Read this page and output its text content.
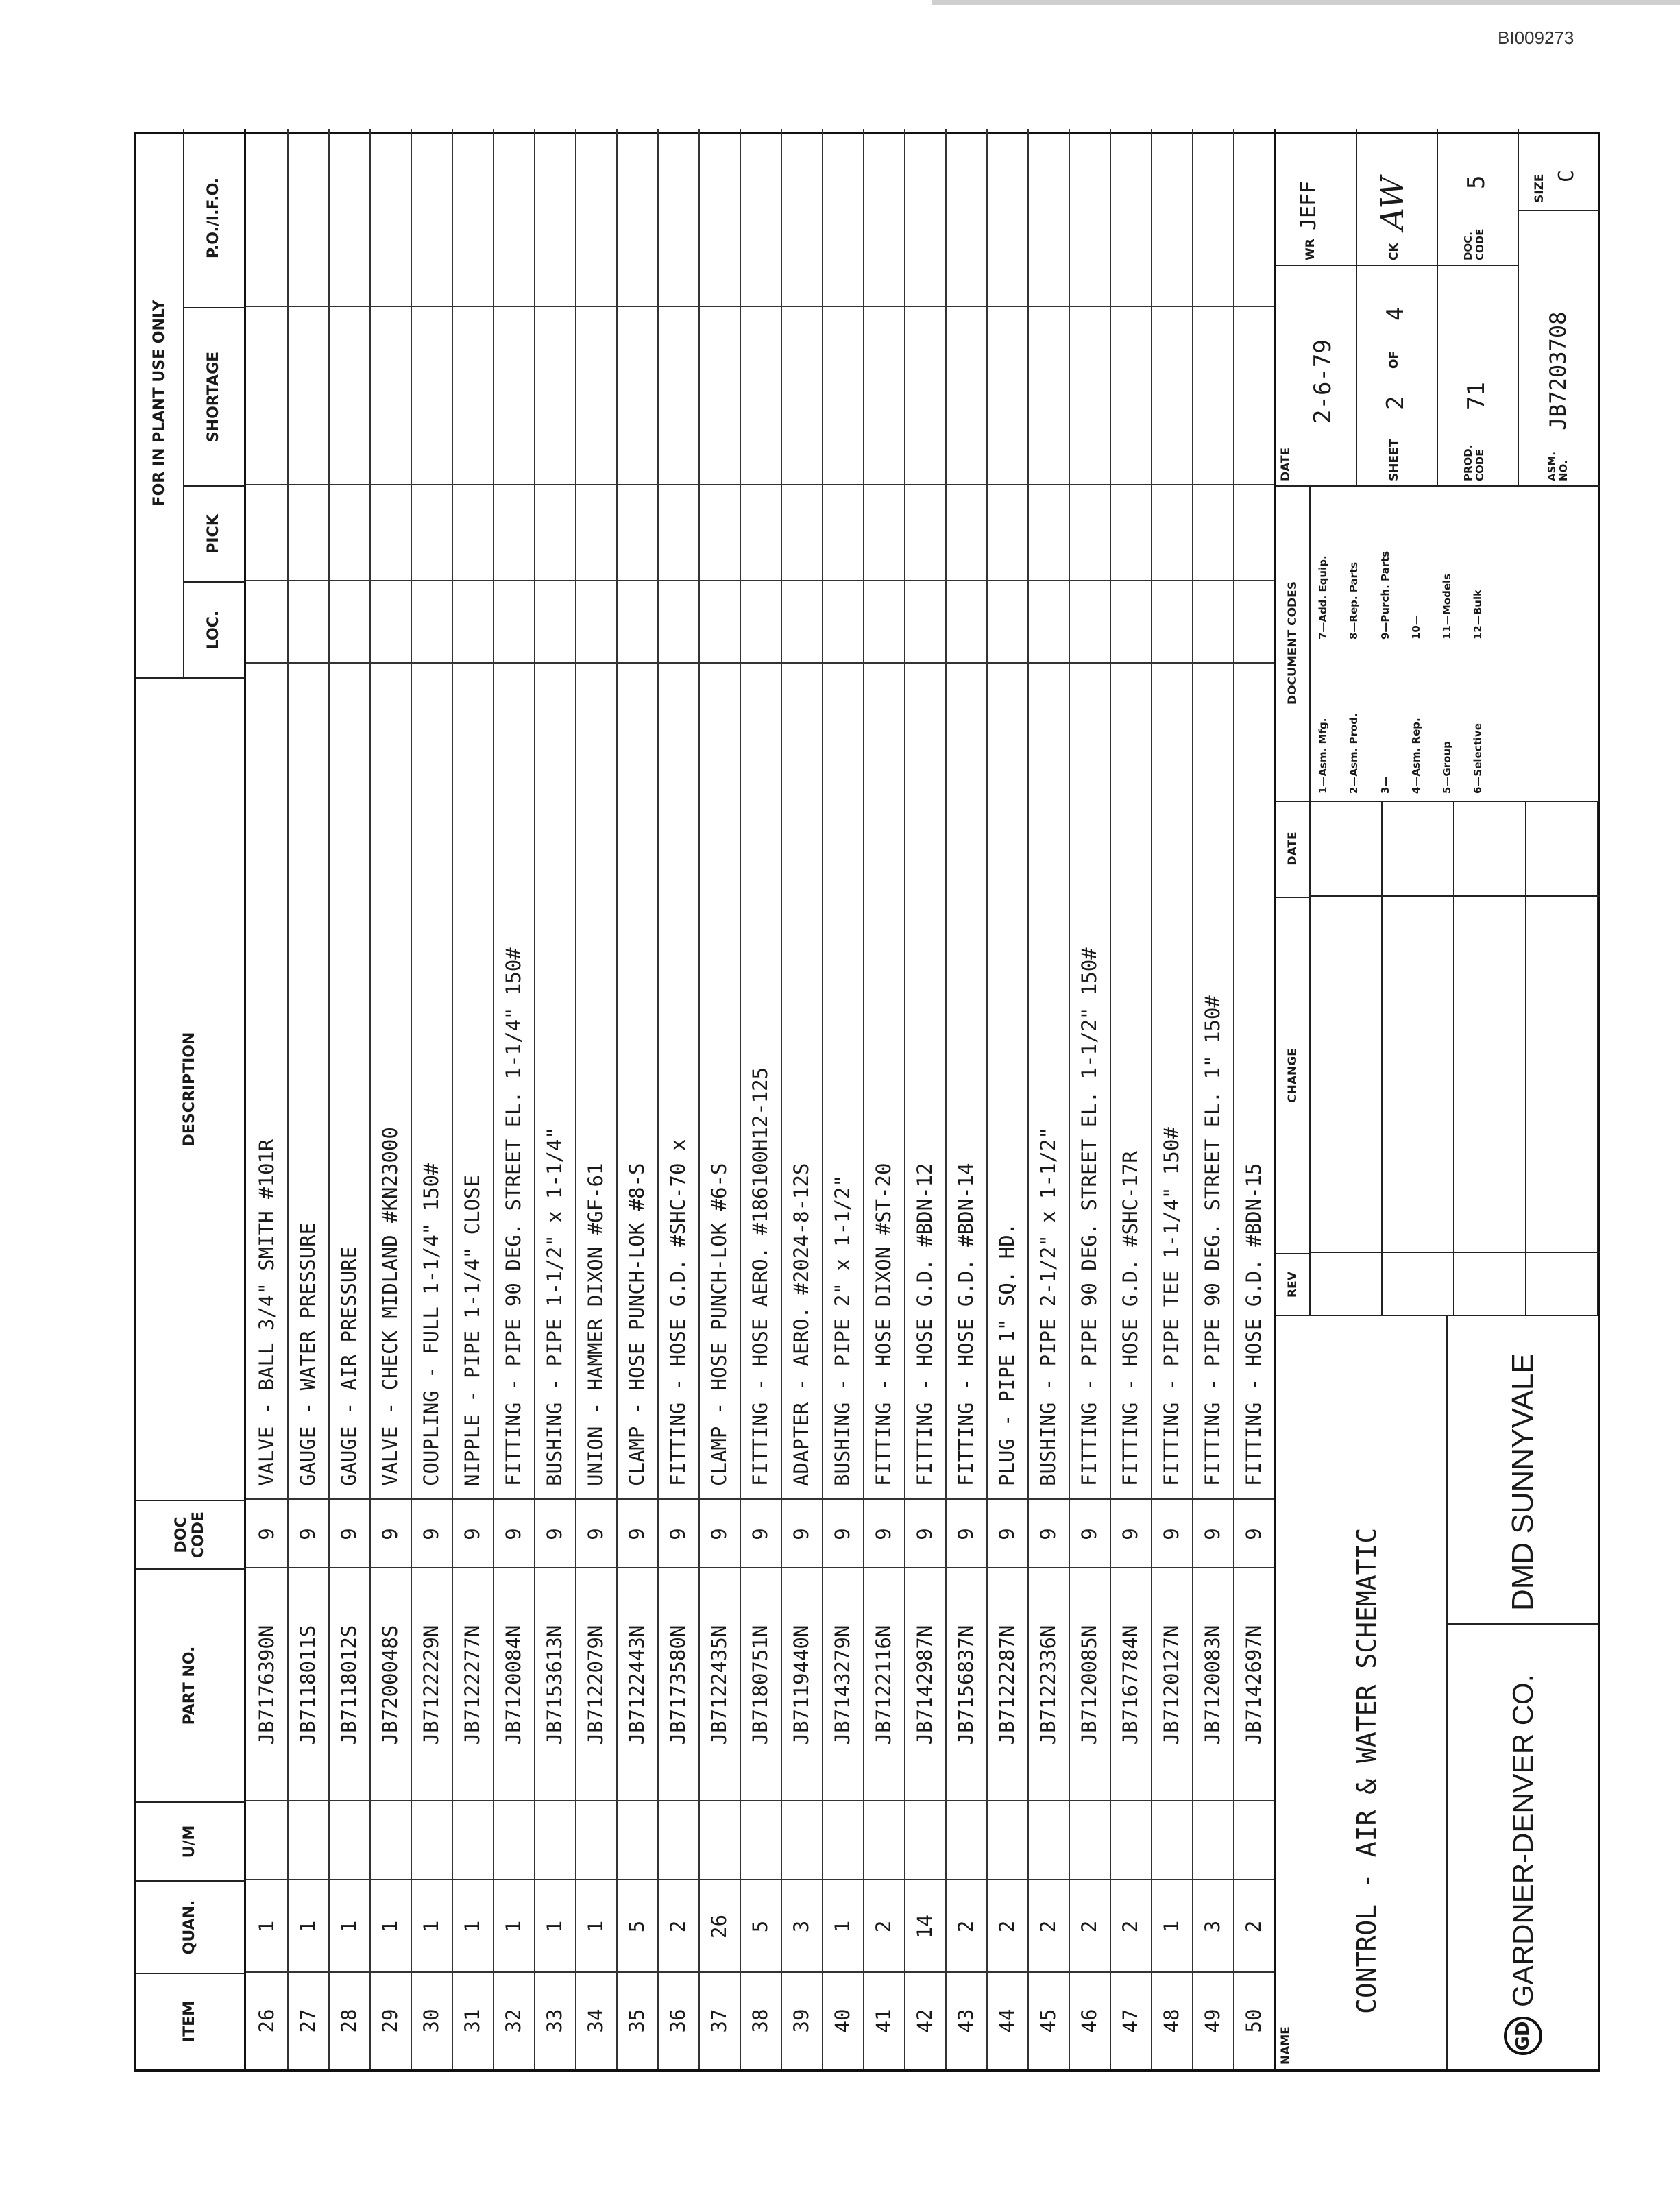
BI009273
ITEM
QUAN.
U/M
PART NO.
DOC CODE
DESCRIPTION
FOR IN PLANT USE ONLY
LOC.
PICK
SHORTAGE
P.O./I.F.O.
26
1
JB7176390N
9
VALVE - BALL 3/4" SMITH #101R
27
1
JB7118011S
9
GAUGE - WATER PRESSURE
28
1
JB7118012S
9
GAUGE - AIR PRESSURE
29
1
JB7200048S
9
VALVE - CHECK MIDLAND #KN23000
30
1
JB7122229N
9
COUPLING - FULL 1-1/4" 150#
31
1
JB7122277N
9
NIPPLE - PIPE 1-1/4" CLOSE
32
1
JB7120084N
9
FITTING - PIPE 90 DEG. STREET EL. 1-1/4" 150#
33
1
JB7153613N
9
BUSHING - PIPE 1-1/2" x 1-1/4"
34
1
JB7122079N
9
UNION - HAMMER DIXON #GF-61
35
5
JB7122443N
9
CLAMP - HOSE PUNCH-LOK #8-S
36
2
JB7173580N
9
FITTING - HOSE G.D. #SHC-70 x
37
26
JB7122435N
9
CLAMP - HOSE PUNCH-LOK #6-S
38
5
JB7180751N
9
FITTING - HOSE AERO. #186100H12-125
39
3
JB7119440N
9
ADAPTER - AERO. #2024-8-12S
40
1
JB7143279N
9
BUSHING - PIPE 2" x 1-1/2"
41
2
JB7122116N
9
FITTING - HOSE DIXON #ST-20
42
14
JB7142987N
9
FITTING - HOSE G.D. #BDN-12
43
2
JB7156837N
9
FITTING - HOSE G.D. #BDN-14
44
2
JB7122287N
9
PLUG - PIPE 1" SQ. HD.
45
2
JB7122336N
9
BUSHING - PIPE 2-1/2" x 1-1/2"
46
2
JB7120085N
9
FITTING - PIPE 90 DEG. STREET EL. 1-1/2" 150#
47
2
JB7167784N
9
FITTING - HOSE G.D. #SHC-17R
48
1
JB7120127N
9
FITTING - PIPE TEE 1-1/4" 150#
49
3
JB7120083N
9
FITTING - PIPE 90 DEG. STREET EL. 1" 150#
50
2
JB7142697N
9
FITTING - HOSE G.D. #BDN-15
NAME
CONTROL - AIR & WATER SCHEMATIC
GD
GARDNER-DENVER CO.
DMD SUNNYVALE
REV
CHANGE
DATE
DOCUMENT CODES
1—Asm. Mfg. 2—Asm. Prod. 3— 4—Asm. Rep. 5—Group 6—Selective
7—Add. Equip. 8—Rep. Parts 9—Purch. Parts 10— 11—Models 12—Bulk
DATE
2-6-79
WR
JEFF
SHEET
2
OF
4
CK
AW
PROD. CODE
71
DOC. CODE
5
ASM. NO.
JB7203708
SIZE C
